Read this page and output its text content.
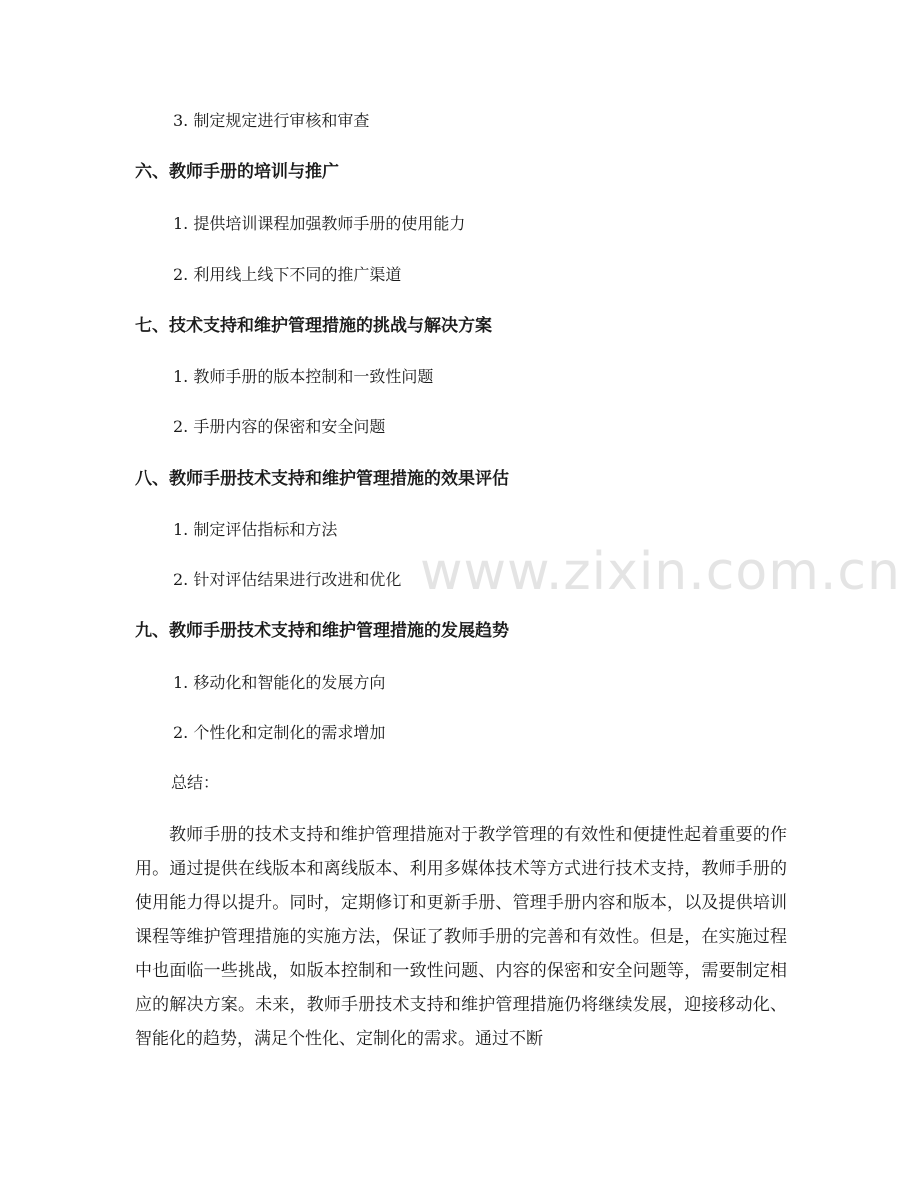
www.zixin.com.cn
3. 制定规定进行审核和审查
六、教师手册的培训与推广
1. 提供培训课程加强教师手册的使用能力
2. 利用线上线下不同的推广渠道
七、技术支持和维护管理措施的挑战与解决方案
1. 教师手册的版本控制和一致性问题
2. 手册内容的保密和安全问题
八、教师手册技术支持和维护管理措施的效果评估
1. 制定评估指标和方法
2. 针对评估结果进行改进和优化
九、教师手册技术支持和维护管理措施的发展趋势
1. 移动化和智能化的发展方向
2. 个性化和定制化的需求增加
总结：

教师手册的技术支持和维护管理措施对于教学管理的有效性和便捷性起着重要的作用。通过提供在线版本和离线版本、利用多媒体技术等方式进行技术支持，教师手册的使用能力得以提升。同时，定期修订和更新手册、管理手册内容和版本，以及提供培训课程等维护管理措施的实施方法，保证了教师手册的完善和有效性。但是，在实施过程中也面临一些挑战，如版本控制和一致性问题、内容的保密和安全问题等，需要制定相应的解决方案。未来，教师手册技术支持和维护管理措施仍将继续发展，迎接移动化、智能化的趋势，满足个性化、定制化的需求。通过不断
